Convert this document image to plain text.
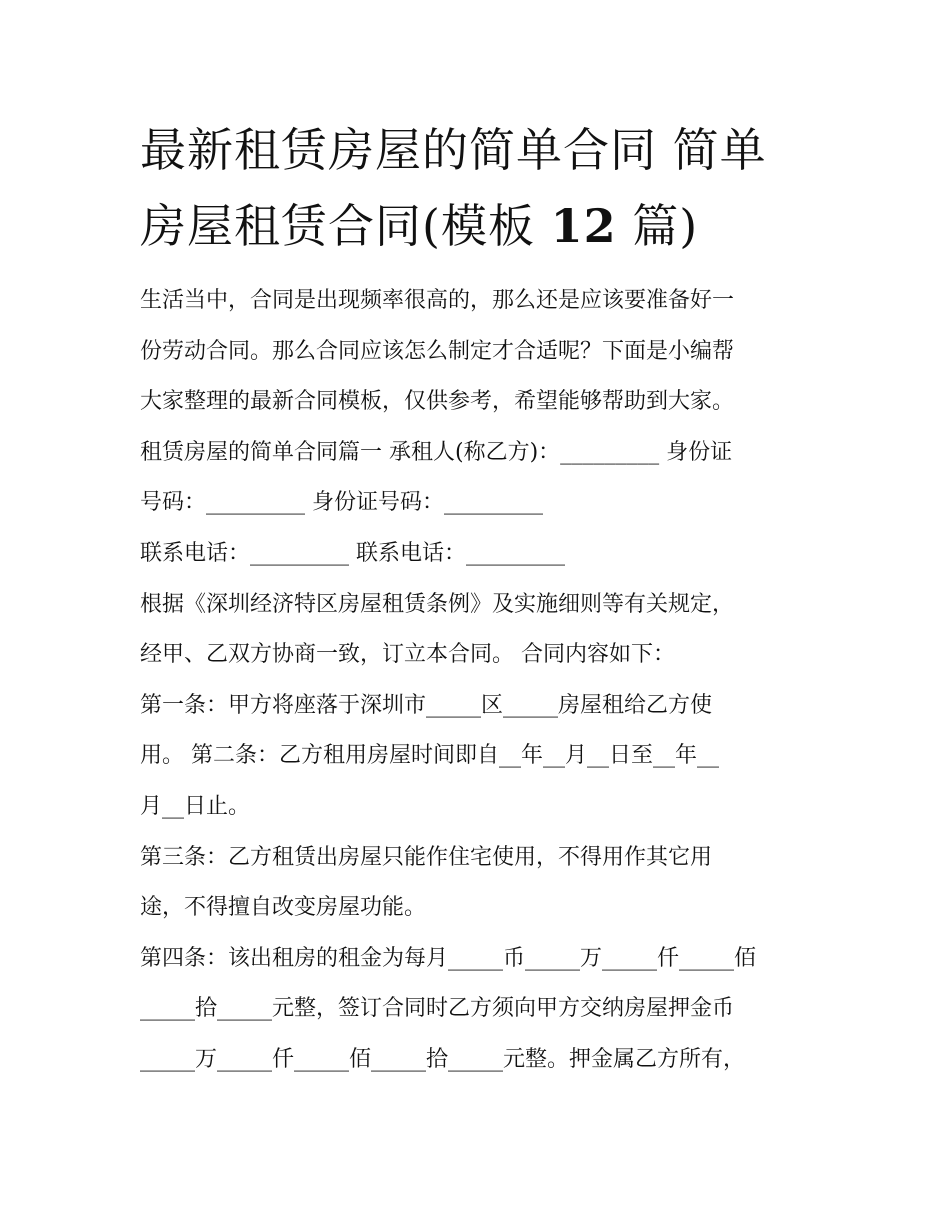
最新租赁房屋的简单合同 简单
房屋租赁合同(模板 12 篇)
生活当中，合同是出现频率很高的，那么还是应该要准备好一
份劳动合同。那么合同应该怎么制定才合适呢？下面是小编帮
大家整理的最新合同模板，仅供参考，希望能够帮助到大家。
租赁房屋的简单合同篇一 承租人(称乙方)：_________ 身份证
号码：_________ 身份证号码：_________
联系电话：_________ 联系电话：_________
根据《深圳经济特区房屋租赁条例》及实施细则等有关规定，
经甲、乙双方协商一致，订立本合同。 合同内容如下：
第一条：甲方将座落于深圳市_____区_____房屋租给乙方使
用。 第二条：乙方租用房屋时间即自__年__月__日至__年__
月__日止。
第三条：乙方租赁出房屋只能作住宅使用，不得用作其它用
途，不得擅自改变房屋功能。
第四条：该出租房的租金为每月_____币_____万_____仟_____佰
_____拾_____元整，签订合同时乙方须向甲方交纳房屋押金币
_____万_____仟_____佰_____拾_____元整。押金属乙方所有，
